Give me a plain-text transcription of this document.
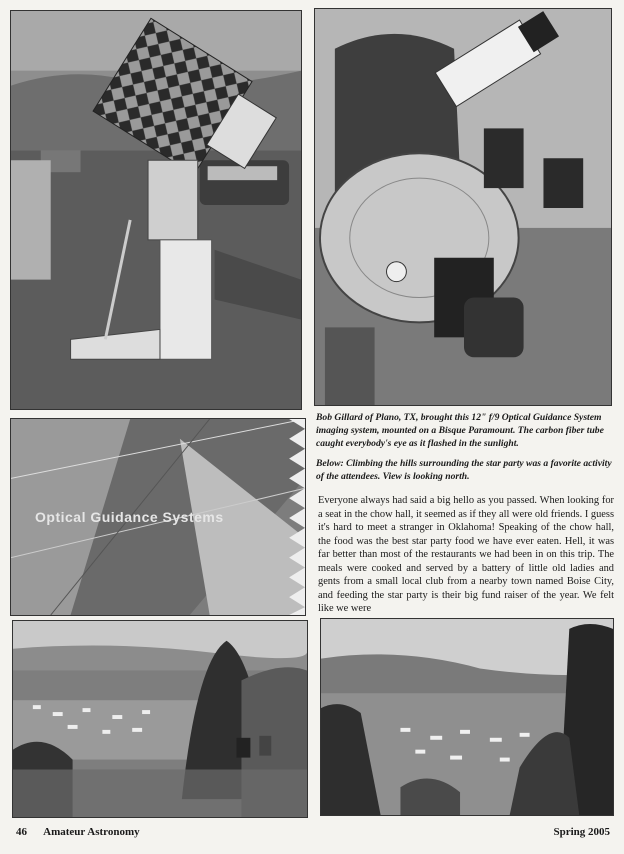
Optical Guidance Systems

Bob Gillard of Plano, TX, brought this 12" f/9 Optical Guidance System imaging system, mounted on a Bisque Paramount. The carbon fiber tube caught everybody's eye as it flashed in the sunlight.

Below: Climbing the hills surrounding the star party was a favorite activity of the attendees. View is looking north.

Everyone always had said a big hello as you passed. When looking for a seat in the chow hall, it seemed as if they all were old friends. I guess it's hard to meet a stranger in Oklahoma! Speaking of the chow hall, the food was the best star party food we have ever eaten. Hell, it was far better than most of the restaurants we had been in on this trip. The meals were cooked and served by a battery of little old ladies and gents from a small local club from a nearby town named Boise City, and feeding the star party is their big fund raiser of the year. We felt like we were
46 Amateur Astronomy	Spring 2005
